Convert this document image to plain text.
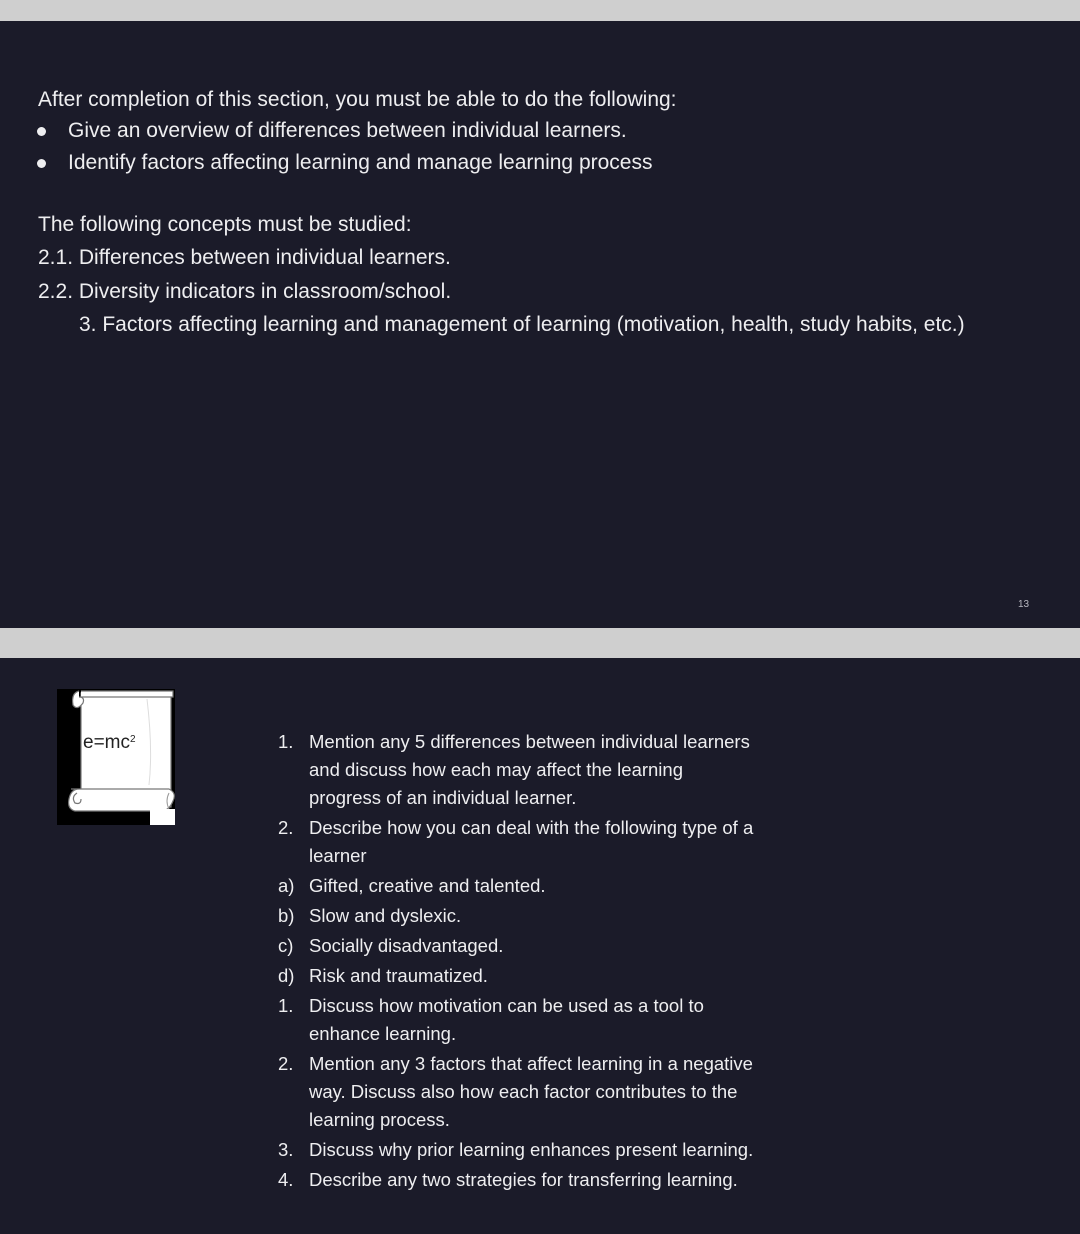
After completion of this section, you must be able to do the following:
Give an overview of differences between individual learners.
Identify factors affecting learning and manage learning process
The following concepts must be studied:
2.1. Differences between individual learners.
2.2. Diversity indicators in classroom/school.
3. Factors affecting learning and management of learning (motivation, health, study habits, etc.)
13
$e=mc^2$	1. Mention any 5 differences between individual learners
and discuss how each may affect the learning
progress of an individual learner.
2. Describe how you can deal with the following type of a
learner
a) Gifted, creative and talented.
b) Slow and dyslexic.
c) Socially disadvantaged.
d) Risk and traumatized.
1. Discuss how motivation can be used as a tool to
enhance learning.
2. Mention any 3 factors that affect learning in a negative
way. Discuss also how each factor contributes to the
learning process.
3. Discuss why prior learning enhances present learning.
4. Describe any two strategies for transferring learning.
